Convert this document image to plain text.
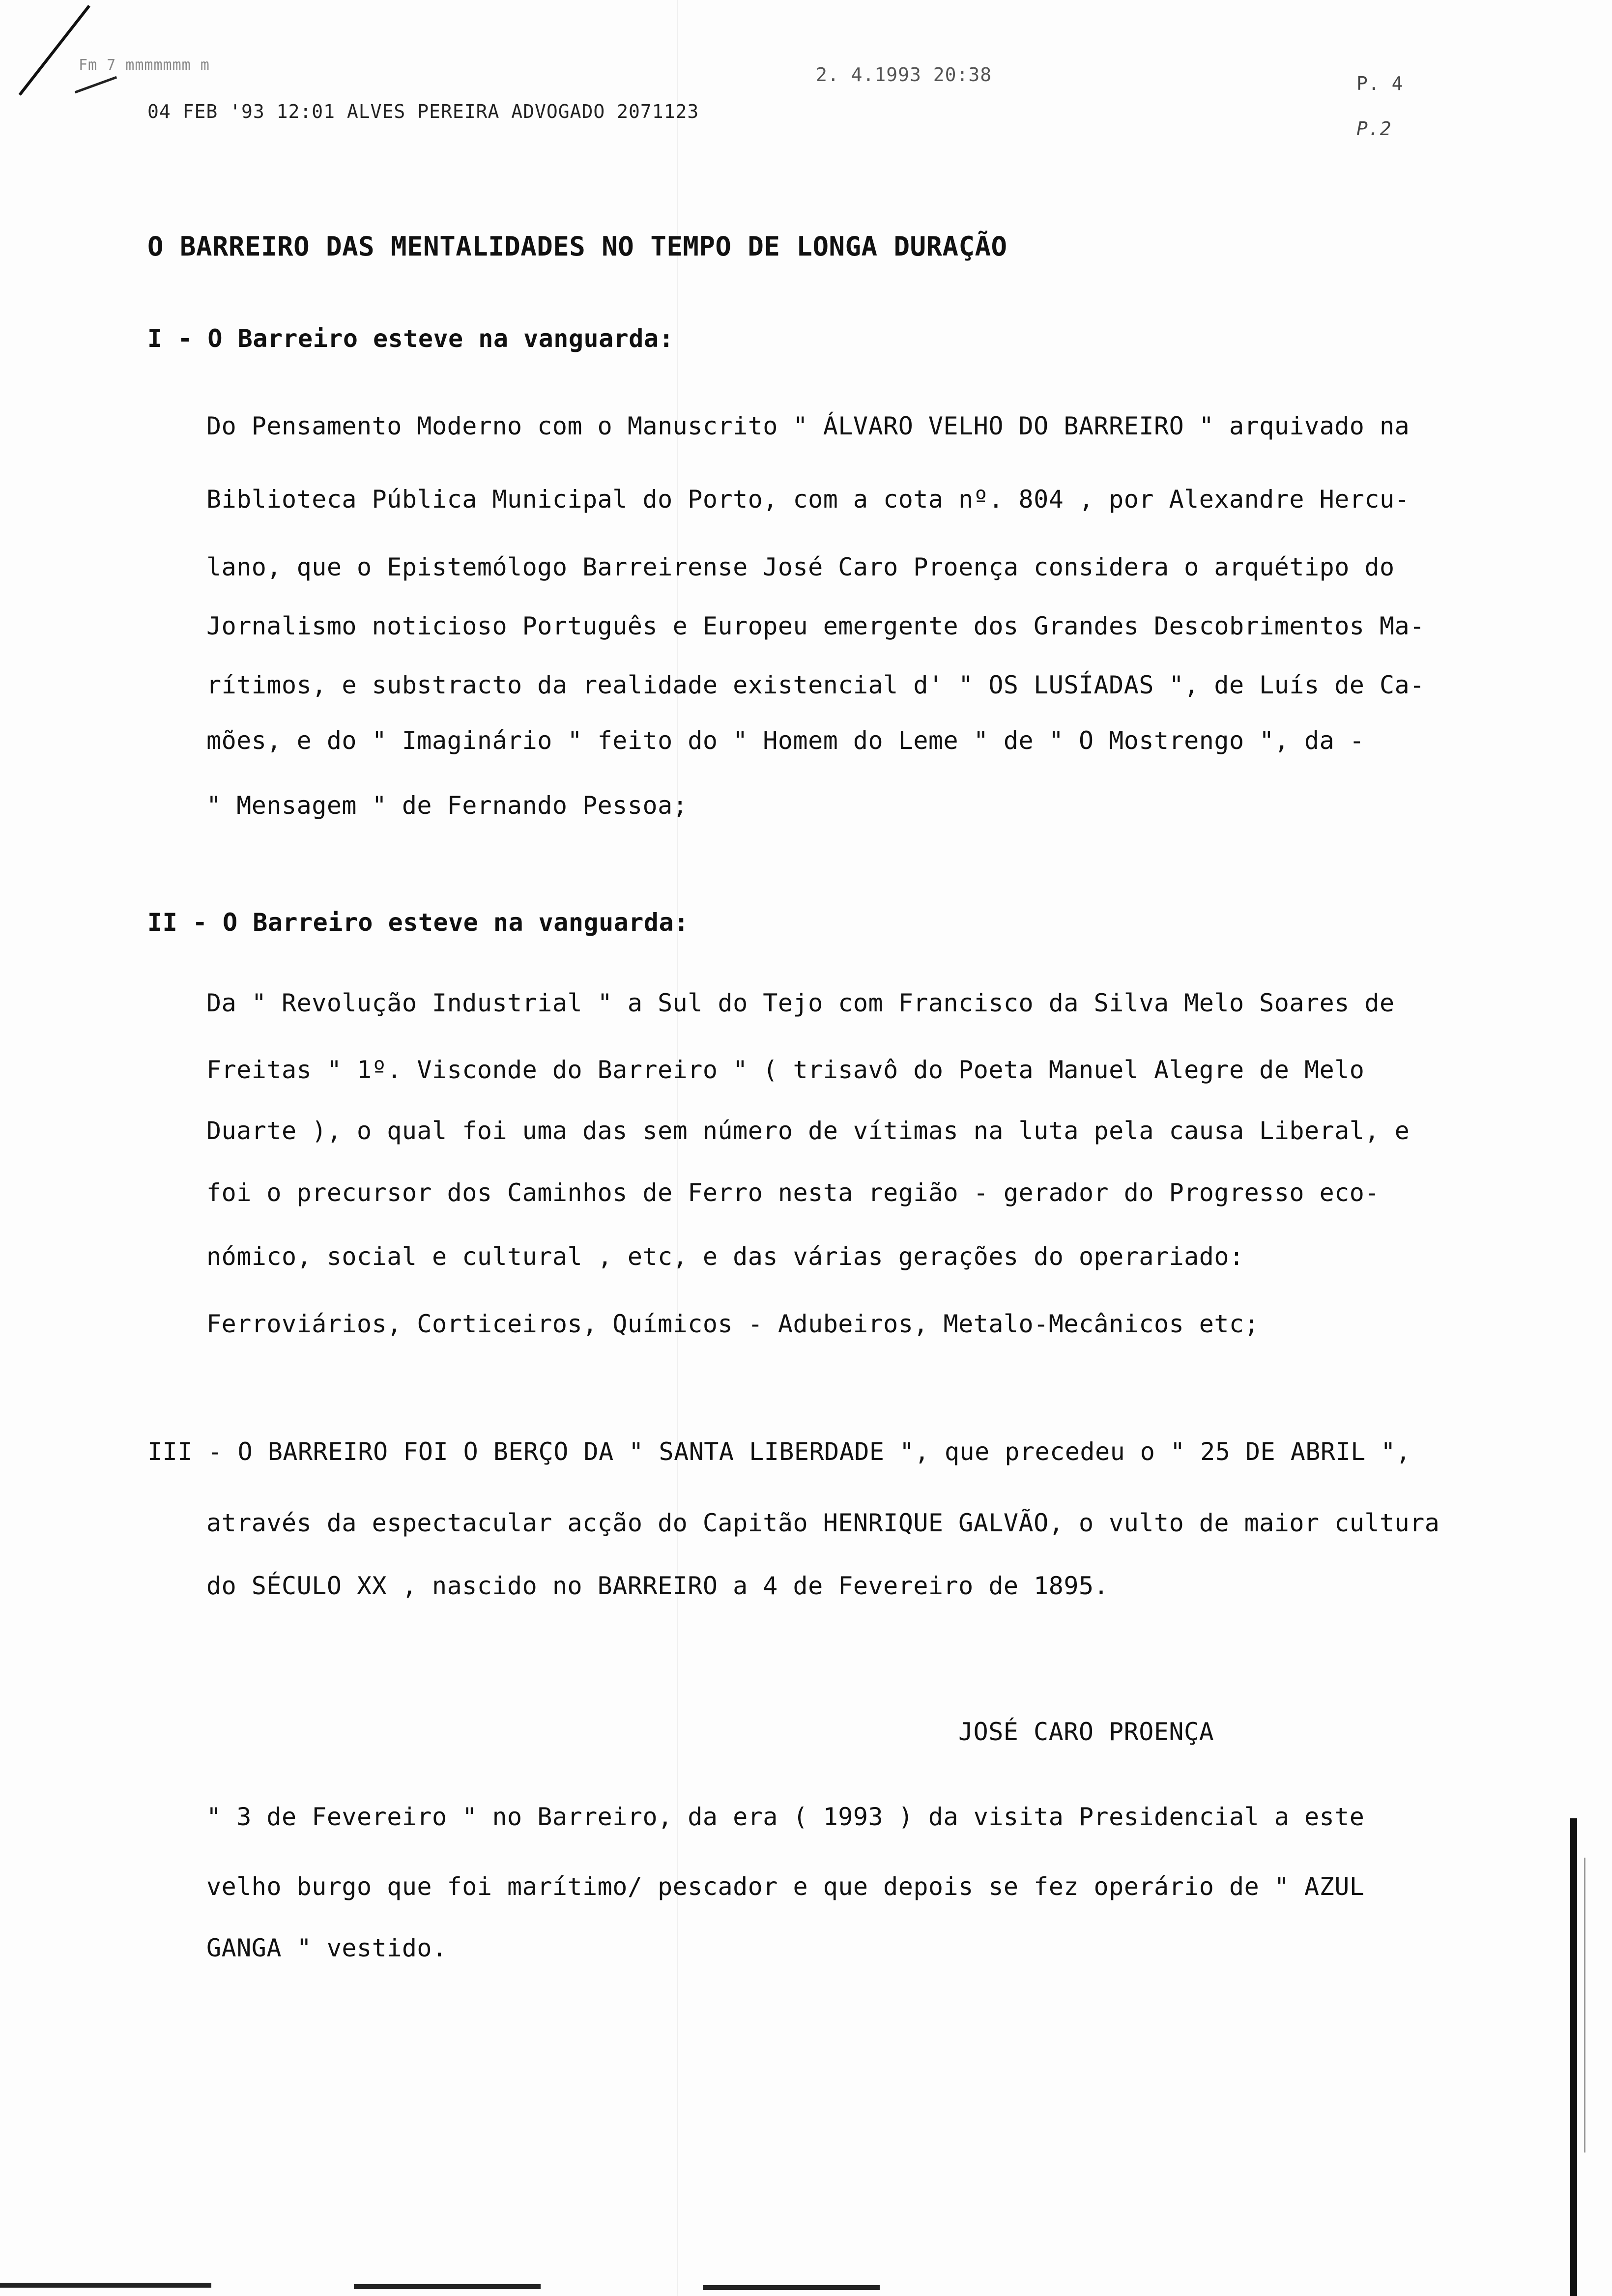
Fm 7 mmmmmmm m	2. 4.1993 20:38
04 FEB '93 12:01 ALVES PEREIRA ADVOGADO 2071123
P. 4
P.2
O BARREIRO DAS MENTALIDADES NO TEMPO DE LONGA DURAÇÃO
I - O Barreiro esteve na vanguarda:
Do Pensamento Moderno com o Manuscrito " ÁLVARO VELHO DO BARREIRO " arquivado na
Biblioteca Pública Municipal do Porto, com a cota nº. 804 , por Alexandre Hercu-
lano, que o Epistemólogo Barreirense José Caro Proença considera o arquétipo do
Jornalismo noticioso Português e Europeu emergente dos Grandes Descobrimentos Ma-
rítimos, e substracto da realidade existencial d' " OS LUSÍADAS ", de Luís de Ca-
mões, e do " Imaginário " feito do " Homem do Leme " de " O Mostrengo ", da -
" Mensagem " de Fernando Pessoa;
II - O Barreiro esteve na vanguarda:
Da " Revolução Industrial " a Sul do Tejo com Francisco da Silva Melo Soares de
Freitas " 1º. Visconde do Barreiro " ( trisavô do Poeta Manuel Alegre de Melo
Duarte ), o qual foi uma das sem número de vítimas na luta pela causa Liberal, e
foi o precursor dos Caminhos de Ferro nesta região - gerador do Progresso eco-
nómico, social e cultural , etc, e das várias gerações do operariado:
Ferroviários, Corticeiros, Químicos - Adubeiros, Metalo-Mecânicos etc;
III - O BARREIRO FOI O BERÇO DA " SANTA LIBERDADE ", que precedeu o " 25 DE ABRIL ",
através da espectacular acção do Capitão HENRIQUE GALVÃO, o vulto de maior cultura
do SÉCULO XX , nascido no BARREIRO a 4 de Fevereiro de 1895.
JOSÉ CARO PROENÇA
" 3 de Fevereiro " no Barreiro, da era ( 1993 ) da visita Presidencial a este
velho burgo que foi marítimo/ pescador e que depois se fez operário de " AZUL
GANGA " vestido.
